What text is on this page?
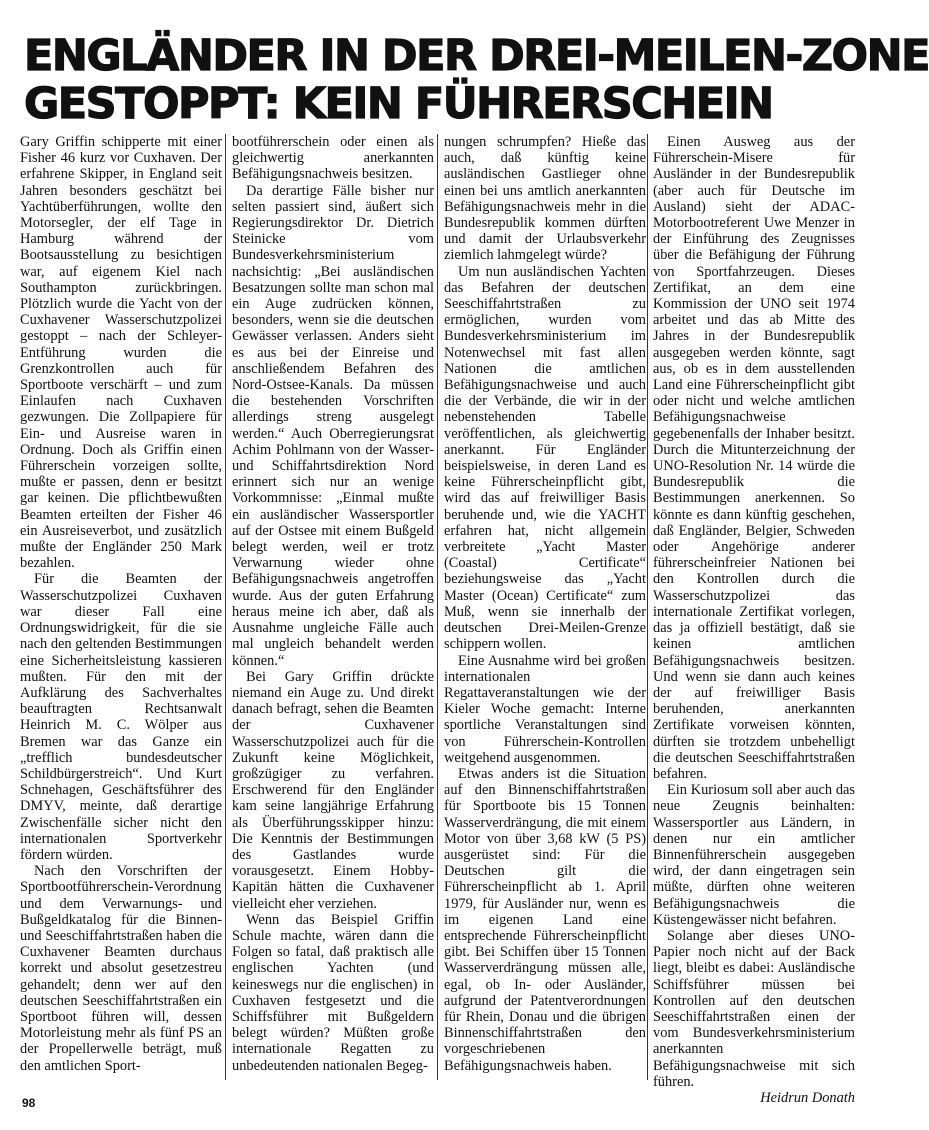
ENGLÄNDER IN DER DREI-MEILEN-ZONE
GESTOPPT: KEIN FÜHRERSCHEIN

Gary Griffin schipperte mit einer Fisher 46 kurz vor Cuxhaven. Der erfahrene Skipper, in England seit Jahren besonders geschätzt bei Yachtüberführungen, wollte den Motorsegler, der elf Tage in Hamburg während der Bootsausstellung zu besichtigen war, auf eigenem Kiel nach Southampton zurückbringen. Plötzlich wurde die Yacht von der Cuxhavener Wasserschutzpolizei gestoppt – nach der Schleyer-Entführung wurden die Grenzkontrollen auch für Sportboote verschärft – und zum Einlaufen nach Cuxhaven gezwungen. Die Zollpapiere für Ein- und Ausreise waren in Ordnung. Doch als Griffin einen Führerschein vorzeigen sollte, mußte er passen, denn er besitzt gar keinen. Die pflichtbewußten Beamten erteilten der Fisher 46 ein Ausreiseverbot, und zusätzlich mußte der Engländer 250 Mark bezahlen.

Für die Beamten der Wasserschutzpolizei Cuxhaven war dieser Fall eine Ordnungswidrigkeit, für die sie nach den geltenden Bestimmungen eine Sicherheitsleistung kassieren mußten. Für den mit der Aufklärung des Sachverhaltes beauftragten Rechtsanwalt Heinrich M. C. Wölper aus Bremen war das Ganze ein „trefflich bundesdeutscher Schildbürgerstreich“. Und Kurt Schnehagen, Geschäftsführer des DMYV, meinte, daß derartige Zwischenfälle sicher nicht den internationalen Sportverkehr fördern würden.

Nach den Vorschriften der Sportbootführerschein-Verordnung und dem Verwarnungs- und Bußgeldkatalog für die Binnen- und Seeschiffahrtstraßen haben die Cuxhavener Beamten durchaus korrekt und absolut gesetzestreu gehandelt; denn wer auf den deutschen Seeschiffahrtstraßen ein Sportboot führen will, dessen Motorleistung mehr als fünf PS an der Propellerwelle beträgt, muß den amtlichen Sport-

bootführerschein oder einen als gleichwertig anerkannten Befähigungsnachweis besitzen.

Da derartige Fälle bisher nur selten passiert sind, äußert sich Regierungsdirektor Dr. Dietrich Steinicke vom Bundesverkehrsministerium nachsichtig: „Bei ausländischen Besatzungen sollte man schon mal ein Auge zudrücken können, besonders, wenn sie die deutschen Gewässer verlassen. Anders sieht es aus bei der Einreise und anschließendem Befahren des Nord-Ostsee-Kanals. Da müssen die bestehenden Vorschriften allerdings streng ausgelegt werden.“ Auch Oberregierungsrat Achim Pohlmann von der Wasser- und Schiffahrtsdirektion Nord erinnert sich nur an wenige Vorkommnisse: „Einmal mußte ein ausländischer Wassersportler auf der Ostsee mit einem Bußgeld belegt werden, weil er trotz Verwarnung wieder ohne Befähigungsnachweis angetroffen wurde. Aus der guten Erfahrung heraus meine ich aber, daß als Ausnahme ungleiche Fälle auch mal ungleich behandelt werden können.“

Bei Gary Griffin drückte niemand ein Auge zu. Und direkt danach befragt, sehen die Beamten der Cuxhavener Wasserschutzpolizei auch für die Zukunft keine Möglichkeit, großzügiger zu verfahren. Erschwerend für den Engländer kam seine langjährige Erfahrung als Überführungsskipper hinzu: Die Kenntnis der Bestimmungen des Gastlandes wurde vorausgesetzt. Einem Hobby-Kapitän hätten die Cuxhavener vielleicht eher verziehen.

Wenn das Beispiel Griffin Schule machte, wären dann die Folgen so fatal, daß praktisch alle englischen Yachten (und keineswegs nur die englischen) in Cuxhaven festgesetzt und die Schiffsführer mit Bußgeldern belegt würden? Müßten große internationale Regatten zu unbedeutenden nationalen Begeg-

nungen schrumpfen? Hieße das auch, daß künftig keine ausländischen Gastlieger ohne einen bei uns amtlich anerkannten Befähigungsnachweis mehr in die Bundesrepublik kommen dürften und damit der Urlaubsverkehr ziemlich lahmgelegt würde?

Um nun ausländischen Yachten das Befahren der deutschen Seeschiffahrtstraßen zu ermöglichen, wurden vom Bundesverkehrsministerium im Notenwechsel mit fast allen Nationen die amtlichen Befähigungsnachweise und auch die der Verbände, die wir in der nebenstehenden Tabelle veröffentlichen, als gleichwertig anerkannt. Für Engländer beispielsweise, in deren Land es keine Führerscheinpflicht gibt, wird das auf freiwilliger Basis beruhende und, wie die YACHT erfahren hat, nicht allgemein verbreitete „Yacht Master (Coastal) Certificate“ beziehungsweise das „Yacht Master (Ocean) Certificate“ zum Muß, wenn sie innerhalb der deutschen Drei-Meilen-Grenze schippern wollen.

Eine Ausnahme wird bei großen internationalen Regattaveranstaltungen wie der Kieler Woche gemacht: Interne sportliche Veranstaltungen sind von Führerschein-Kontrollen weitgehend ausgenommen.

Etwas anders ist die Situation auf den Binnenschiffahrtstraßen für Sportboote bis 15 Tonnen Wasserverdrängung, die mit einem Motor von über 3,68 kW (5 PS) ausgerüstet sind: Für die Deutschen gilt die Führerscheinpflicht ab 1. April 1979, für Ausländer nur, wenn es im eigenen Land eine entsprechende Führerscheinpflicht gibt. Bei Schiffen über 15 Tonnen Wasserverdrängung müssen alle, egal, ob In- oder Ausländer, aufgrund der Patentverordnungen für Rhein, Donau und die übrigen Binnenschiffahrtstraßen den vorgeschriebenen Befähigungsnachweis haben.

Einen Ausweg aus der Führerschein-Misere für Ausländer in der Bundesrepublik (aber auch für Deutsche im Ausland) sieht der ADAC-Motorbootreferent Uwe Menzer in der Einführung des Zeugnisses über die Befähigung der Führung von Sportfahrzeugen. Dieses Zertifikat, an dem eine Kommission der UNO seit 1974 arbeitet und das ab Mitte des Jahres in der Bundesrepublik ausgegeben werden könnte, sagt aus, ob es in dem ausstellenden Land eine Führerscheinpflicht gibt oder nicht und welche amtlichen Befähigungsnachweise gegebenenfalls der Inhaber besitzt. Durch die Mitunterzeichnung der UNO-Resolution Nr. 14 würde die Bundesrepublik die Bestimmungen anerkennen. So könnte es dann künftig geschehen, daß Engländer, Belgier, Schweden oder Angehörige anderer führerscheinfreier Nationen bei den Kontrollen durch die Wasserschutzpolizei das internationale Zertifikat vorlegen, das ja offiziell bestätigt, daß sie keinen amtlichen Befähigungsnachweis besitzen. Und wenn sie dann auch keines der auf freiwilliger Basis beruhenden, anerkannten Zertifikate vorweisen könnten, dürften sie trotzdem unbehelligt die deutschen Seeschiffahrtstraßen befahren.

Ein Kuriosum soll aber auch das neue Zeugnis beinhalten: Wassersportler aus Ländern, in denen nur ein amtlicher Binnenführerschein ausgegeben wird, der dann eingetragen sein müßte, dürften ohne weiteren Befähigungsnachweis die Küstengewässer nicht befahren.

Solange aber dieses UNO-Papier noch nicht auf der Back liegt, bleibt es dabei: Ausländische Schiffsführer müssen bei Kontrollen auf den deutschen Seeschiffahrtstraßen einen der vom Bundesverkehrsministerium anerkannten Befähigungsnachweise mit sich führen.

Heidrun Donath

98
